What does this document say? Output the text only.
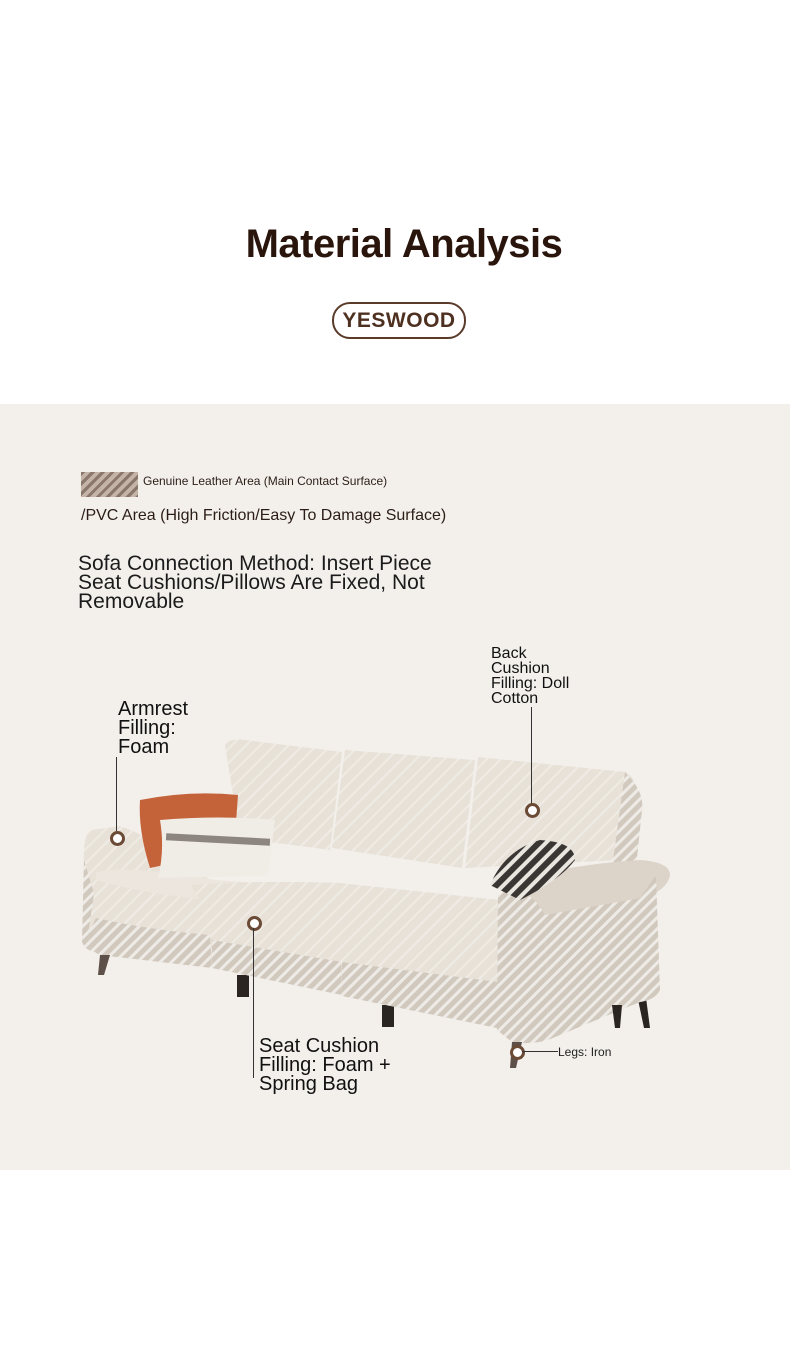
Material Analysis
YESWOOD
Genuine Leather Area (Main Contact Surface)
/PVC Area (High Friction/Easy To Damage Surface)
Sofa Connection Method: Insert Piece Seat Cushions/Pillows Are Fixed, Not Removable
Back Cushion Filling: Doll Cotton
Armrest Filling: Foam
Seat Cushion Filling: Foam + Spring Bag
Legs: Iron
